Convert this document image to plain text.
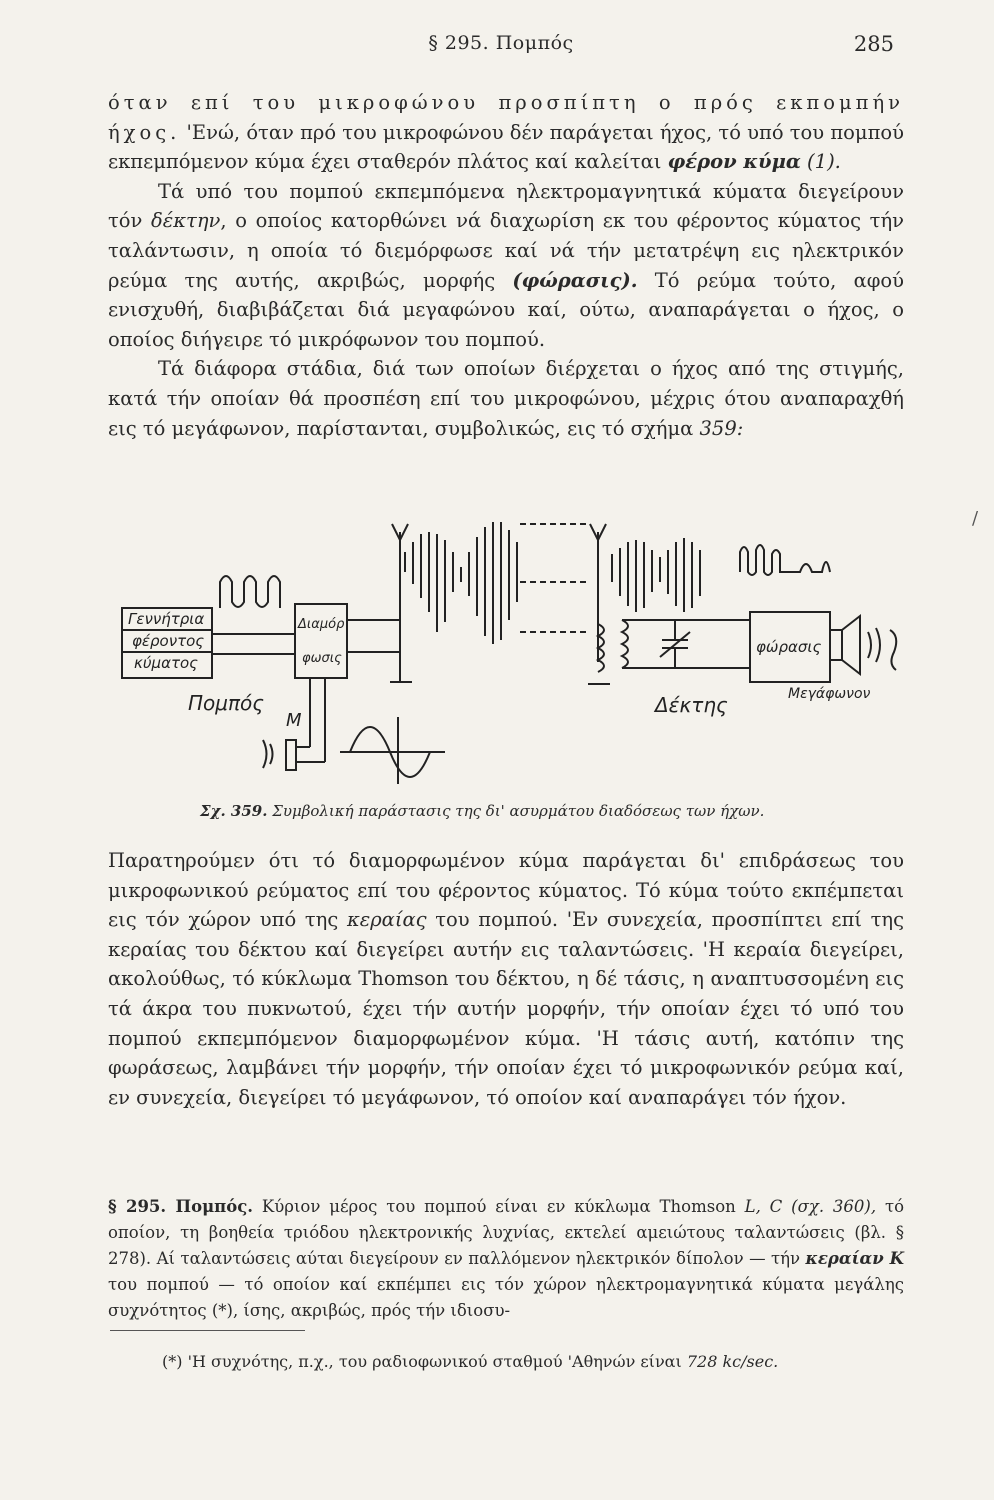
§ 295. Πομπός	285

όταν επί του μικροφώνου προσπίπτη ο πρός εκπομπήν ήχος. 'Ενώ, όταν πρό του μικροφώνου δέν παράγεται ήχος, τό υπό του πομπού εκπεμπόμενον κύμα έχει σταθερόν πλάτος καί καλείται φέρον κύμα (1).

Τά υπό του πομπού εκπεμπόμενα ηλεκτρομαγνητικά κύματα διεγείρουν τόν δέκτην, ο οποίος κατορθώνει νά διαχωρίση εκ του φέροντος κύματος τήν ταλάντωσιν, η οποία τό διεμόρφωσε καί νά τήν μετατρέψη εις ηλεκτρικόν ρεύμα της αυτής, ακριβώς, μορφής (φώρασις). Τό ρεύμα τούτο, αφού ενισχυθή, διαβιβάζεται διά μεγαφώνου καί, ούτω, αναπαράγεται ο ήχος, ο οποίος διήγειρε τό μικρόφωνον του πομπού.

Τά διάφορα στάδια, διά των οποίων διέρχεται ο ήχος από της στιγμής, κατά τήν οποίαν θά προσπέση επί του μικροφώνου, μέχρις ότου αναπαραχθή εις τό μεγάφωνον, παρίστανται, συμβολικώς, εις τό σχήμα 359:

/
Γεννήτρια
φέροντος
κύματος
Διαμόρ
φωσις
Πομπός
Μ
Δέκτης
φώρασις
Μεγάφωνον
Σχ. 359. Συμβολική παράστασις της δι' ασυρμάτου διαδόσεως των ήχων.

Παρατηρούμεν ότι τό διαμορφωμένον κύμα παράγεται δι' επιδράσεως του μικροφωνικού ρεύματος επί του φέροντος κύματος. Τό κύμα τούτο εκπέμπεται εις τόν χώρον υπό της κεραίας του πομπού. 'Εν συνεχεία, προσπίπτει επί της κεραίας του δέκτου καί διεγείρει αυτήν εις ταλαντώσεις. 'Η κεραία διεγείρει, ακολούθως, τό κύκλωμα Thomson του δέκτου, η δέ τάσις, η αναπτυσσομένη εις τά άκρα του πυκνωτού, έχει τήν αυτήν μορφήν, τήν οποίαν έχει τό υπό του πομπού εκπεμπόμενον διαμορφωμένον κύμα. 'Η τάσις αυτή, κατόπιν της φωράσεως, λαμβάνει τήν μορφήν, τήν οποίαν έχει τό μικροφωνικόν ρεύμα καί, εν συνεχεία, διεγείρει τό μεγάφωνον, τό οποίον καί αναπαράγει τόν ήχον.

§ 295. Πομπός. Κύριον μέρος του πομπού είναι εν κύκλωμα Thomson L, C (σχ. 360), τό οποίον, τη βοηθεία τριόδου ηλεκτρονικής λυχνίας, εκτελεί αμειώτους ταλαντώσεις (βλ. § 278). Αί ταλαντώσεις αύται διεγείρουν εν παλλόμενον ηλεκτρικόν δίπολον — τήν κεραίαν K του πομπού — τό οποίον καί εκπέμπει εις τόν χώρον ηλεκτρομαγνητικά κύματα μεγάλης συχνότητος (*), ίσης, ακριβώς, πρός τήν ιδιοσυ-

(*) 'Η συχνότης, π.χ., του ραδιοφωνικού σταθμού 'Αθηνών είναι 728 kc/sec.
